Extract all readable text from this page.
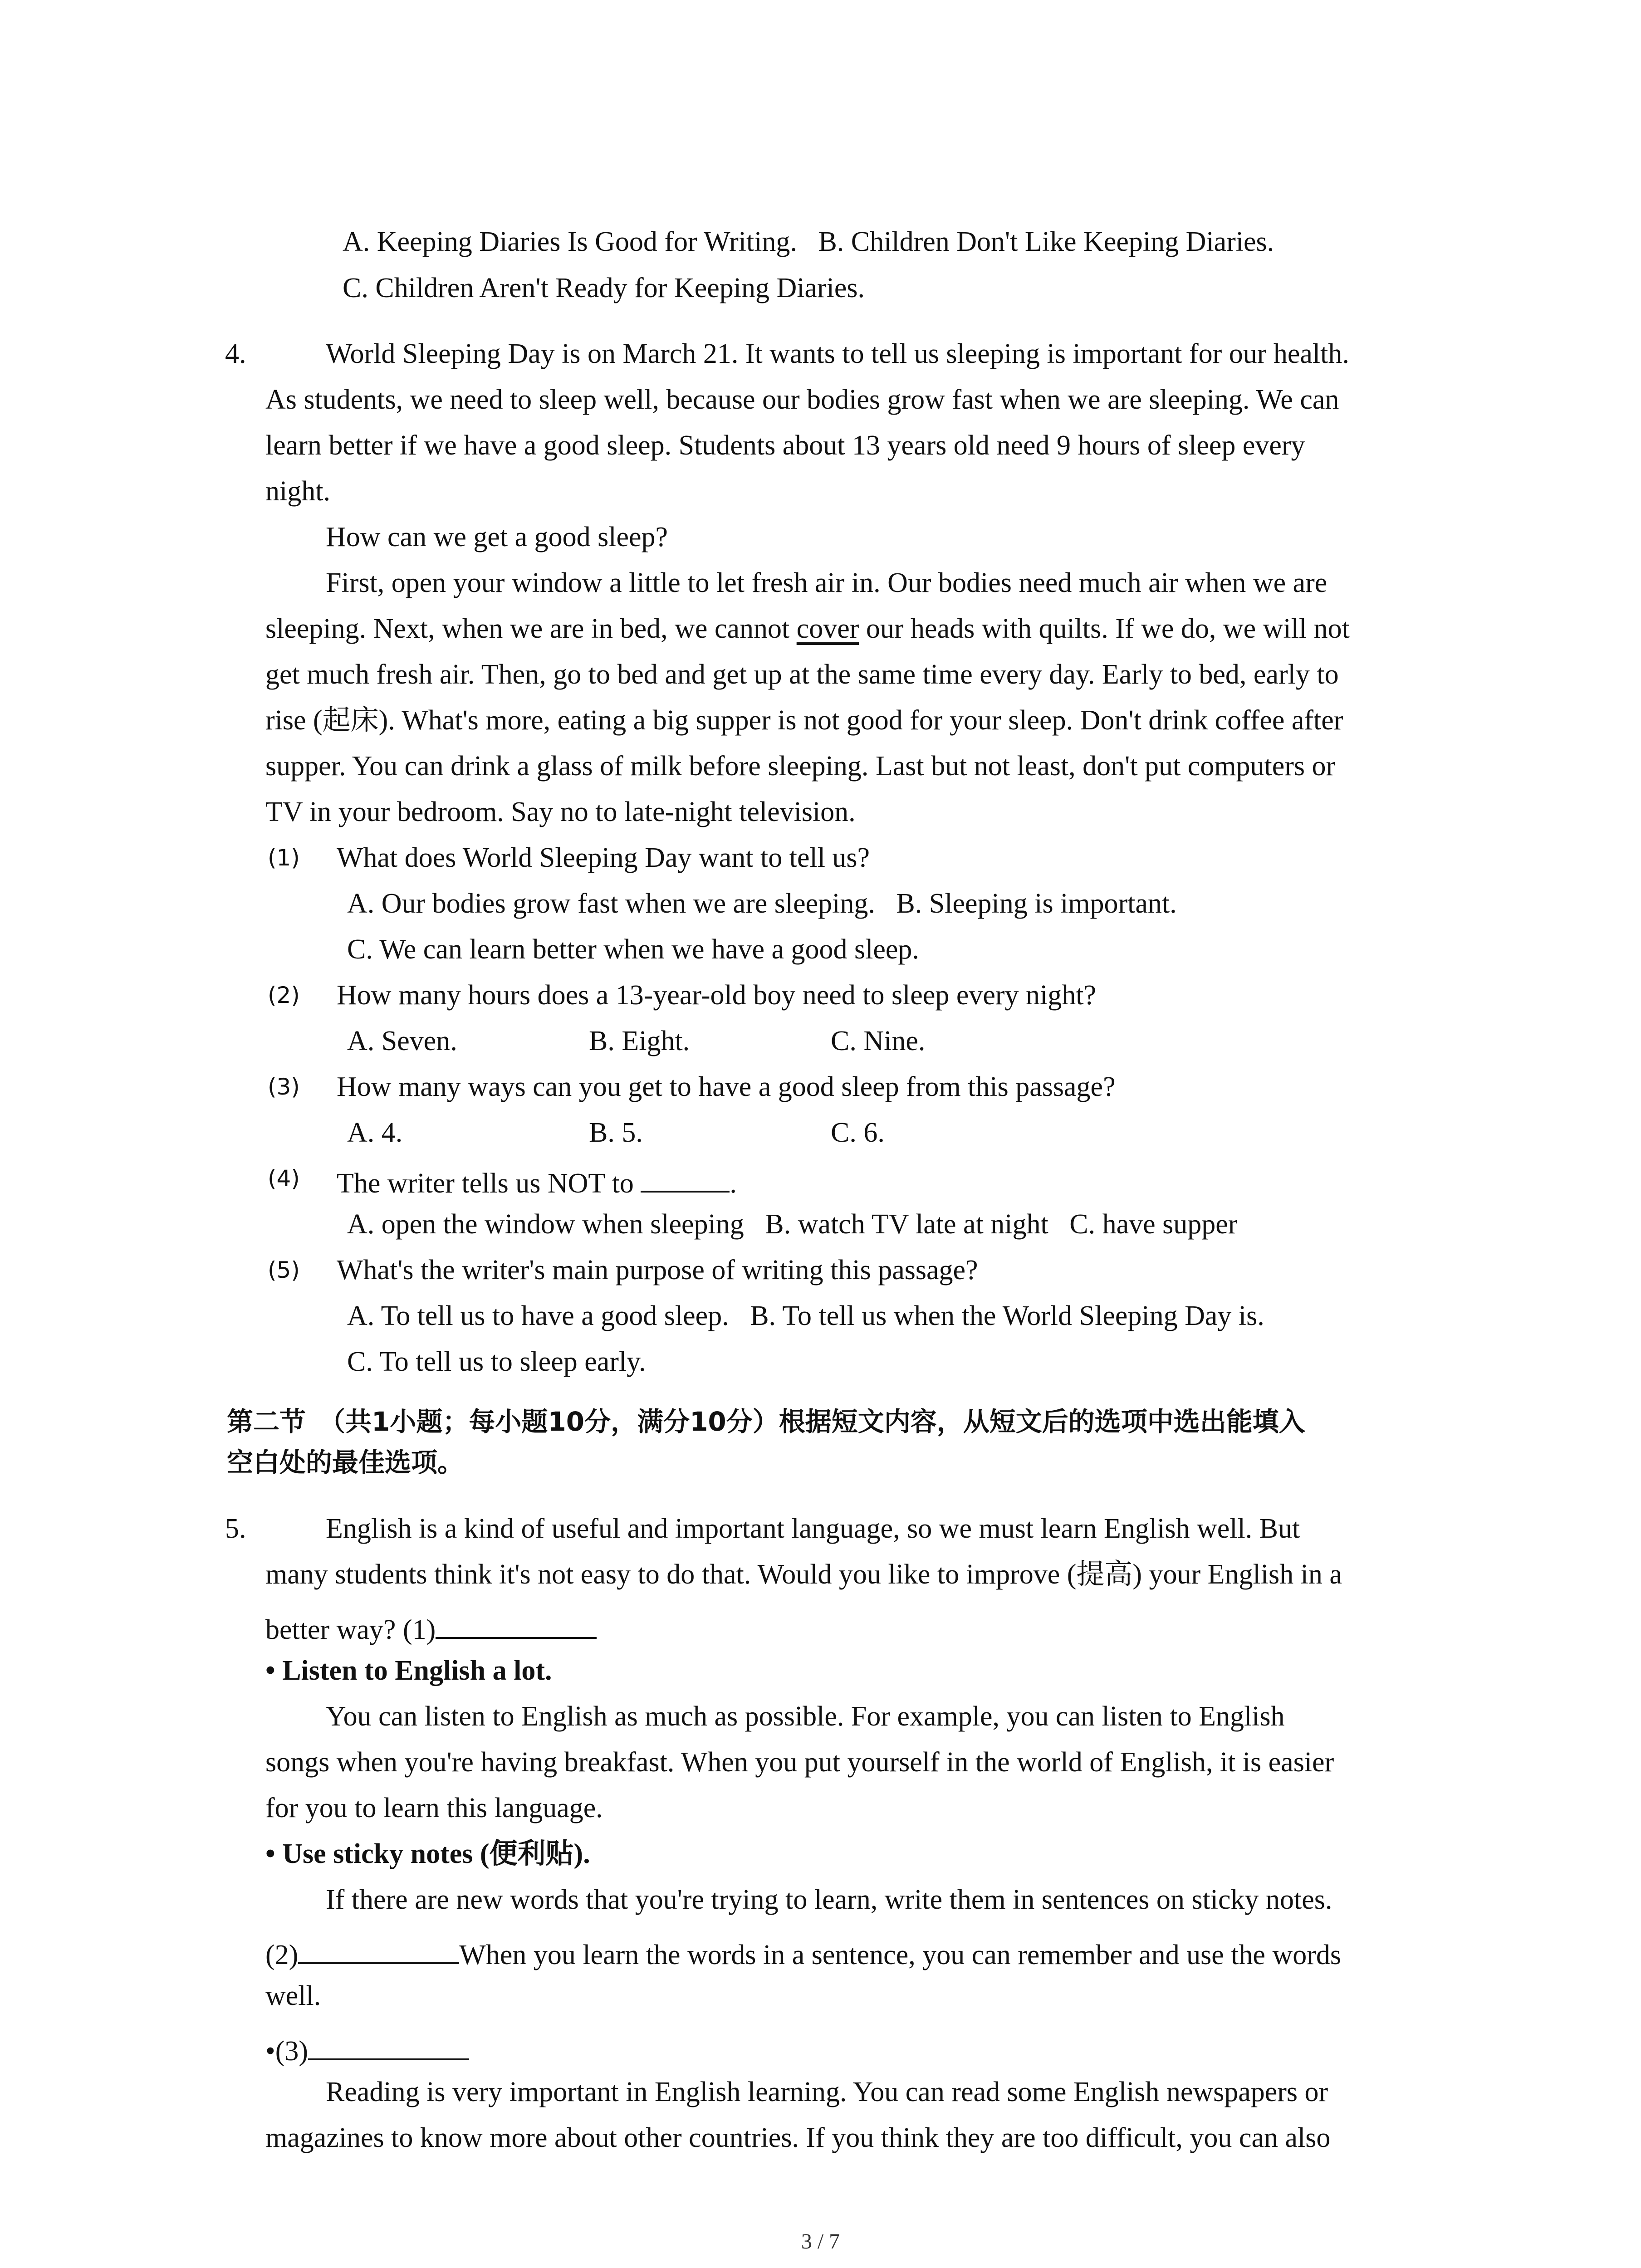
A. Keeping Diaries Is Good for Writing. B. Children Don't Like Keeping Diaries.
C. Children Aren't Ready for Keeping Diaries.
4.	World Sleeping Day is on March 21. It wants to tell us sleeping is important for our health.
As students, we need to sleep well, because our bodies grow fast when we are sleeping. We can
learn better if we have a good sleep. Students about 13 years old need 9 hours of sleep every
night.
How can we get a good sleep?
First, open your window a little to let fresh air in. Our bodies need much air when we are
sleeping. Next, when we are in bed, we cannot cover our heads with quilts. If we do, we will not
get much fresh air. Then, go to bed and get up at the same time every day. Early to bed, early to
rise (起床). What's more, eating a big supper is not good for your sleep. Don't drink coffee after
supper. You can drink a glass of milk before sleeping. Last but not least, don't put computers or
TV in your bedroom. Say no to late-night television.
(1) What does World Sleeping Day want to tell us?
A. Our bodies grow fast when we are sleeping. B. Sleeping is important.
C. We can learn better when we have a good sleep.
(2) How many hours does a 13-year-old boy need to sleep every night?
A. Seven.	B. Eight.	C. Nine.
(3) How many ways can you get to have a good sleep from this passage?
A. 4.	B. 5.	C. 6.
(4) The writer tells us NOT to	.
A. open the window when sleeping B. watch TV late at night C. have supper
(5) What's the writer's main purpose of writing this passage?
A. To tell us to have a good sleep. B. To tell us when the World Sleeping Day is.
C. To tell us to sleep early.
第二节　（共1小题；每小题10分，满分10分）根据短文内容，从短文后的选项中选出能填入
空白处的最佳选项。
5.	English is a kind of useful and important language, so we must learn English well. But
many students think it's not easy to do that. Would you like to improve (提高) your English in a
better way? (1)
• Listen to English a lot.
You can listen to English as much as possible. For example, you can listen to English
songs when you're having breakfast. When you put yourself in the world of English, it is easier
for you to learn this language.
• Use sticky notes (便利贴).
If there are new words that you're trying to learn, write them in sentences on sticky notes.
(2)	When you learn the words in a sentence, you can remember and use the words
well.
•(3)
Reading is very important in English learning. You can read some English newspapers or
magazines to know more about other countries. If you think they are too difficult, you can also
3 / 7
